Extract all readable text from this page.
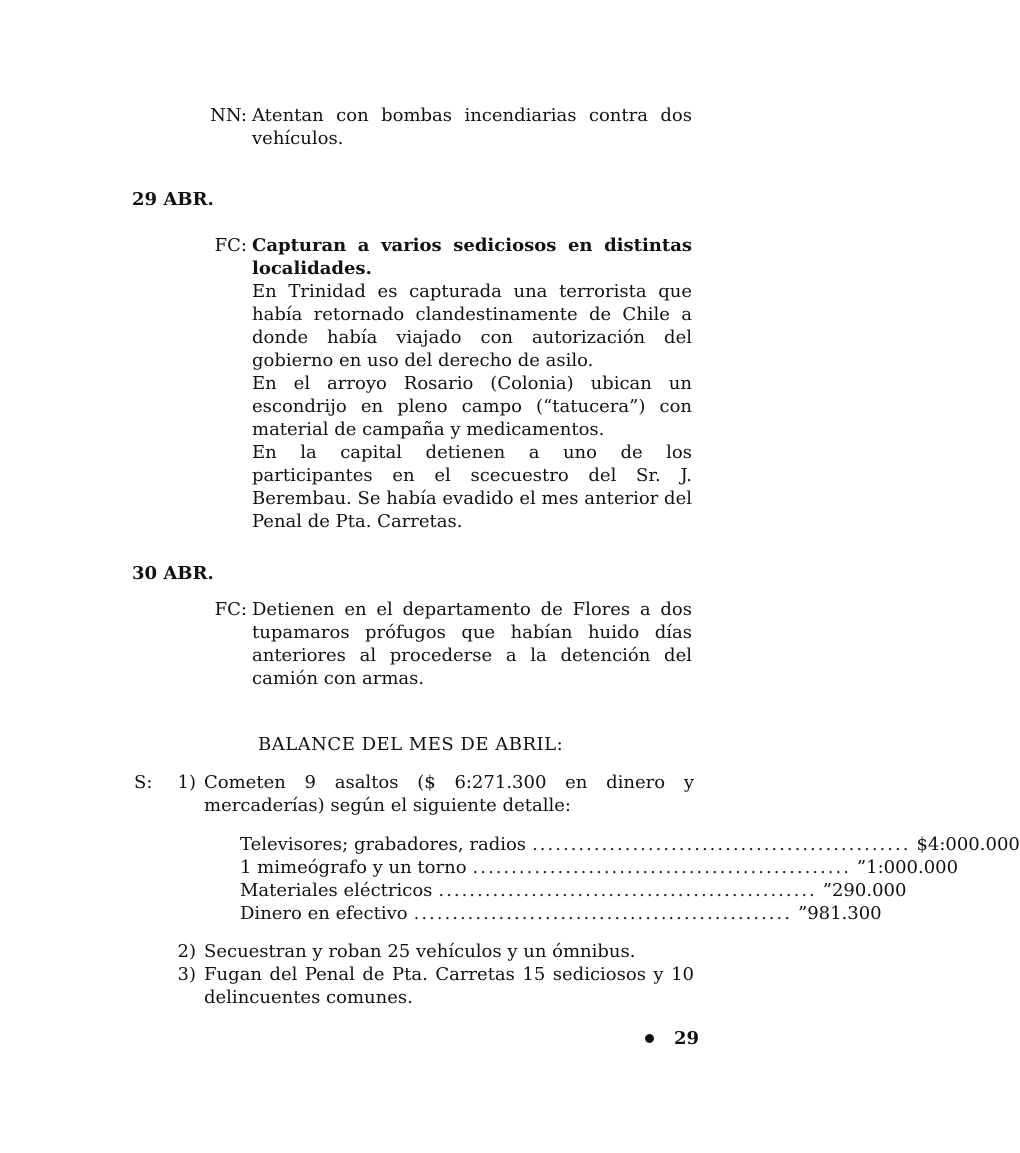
NN: Atentan con bombas incendiarias contra dos vehículos.
29 ABR.
FC: Capturan a varios sediciosos en distintas localidades.
En Trinidad es capturada una terrorista que había retornado clandestinamente de Chile a donde había viajado con autorización del gobierno en uso del derecho de asilo.
En el arroyo Rosario (Colonia) ubican un escondrijo en pleno campo (“tatucera”) con material de campaña y medicamentos.
En la capital detienen a uno de los participantes en el scecuestro del Sr. J. Berembau. Se había evadido el mes anterior del Penal de Pta. Carretas.
30 ABR.
FC: Detienen en el departamento de Flores a dos tupamaros prófugos que habían huido días anteriores al procederse a la detención del camión con armas.
BALANCE DEL MES DE ABRIL:
S:	1) Cometen 9 asaltos ($ 6:271.300 en dinero y mercaderías) según el siguiente detalle:
Televisores; grabadores, radios ................................................. $ 4:000.000
1 mimeógrafo y un torno ................................................. ” 1:000.000
Materiales eléctricos ................................................. ” 290.000
Dinero en efectivo ................................................. ” 981.300
2) Secuestran y roban 25 vehículos y un ómnibus.
3) Fugan del Penal de Pta. Carretas 15 sediciosos y 10 delincuentes comunes.
29
